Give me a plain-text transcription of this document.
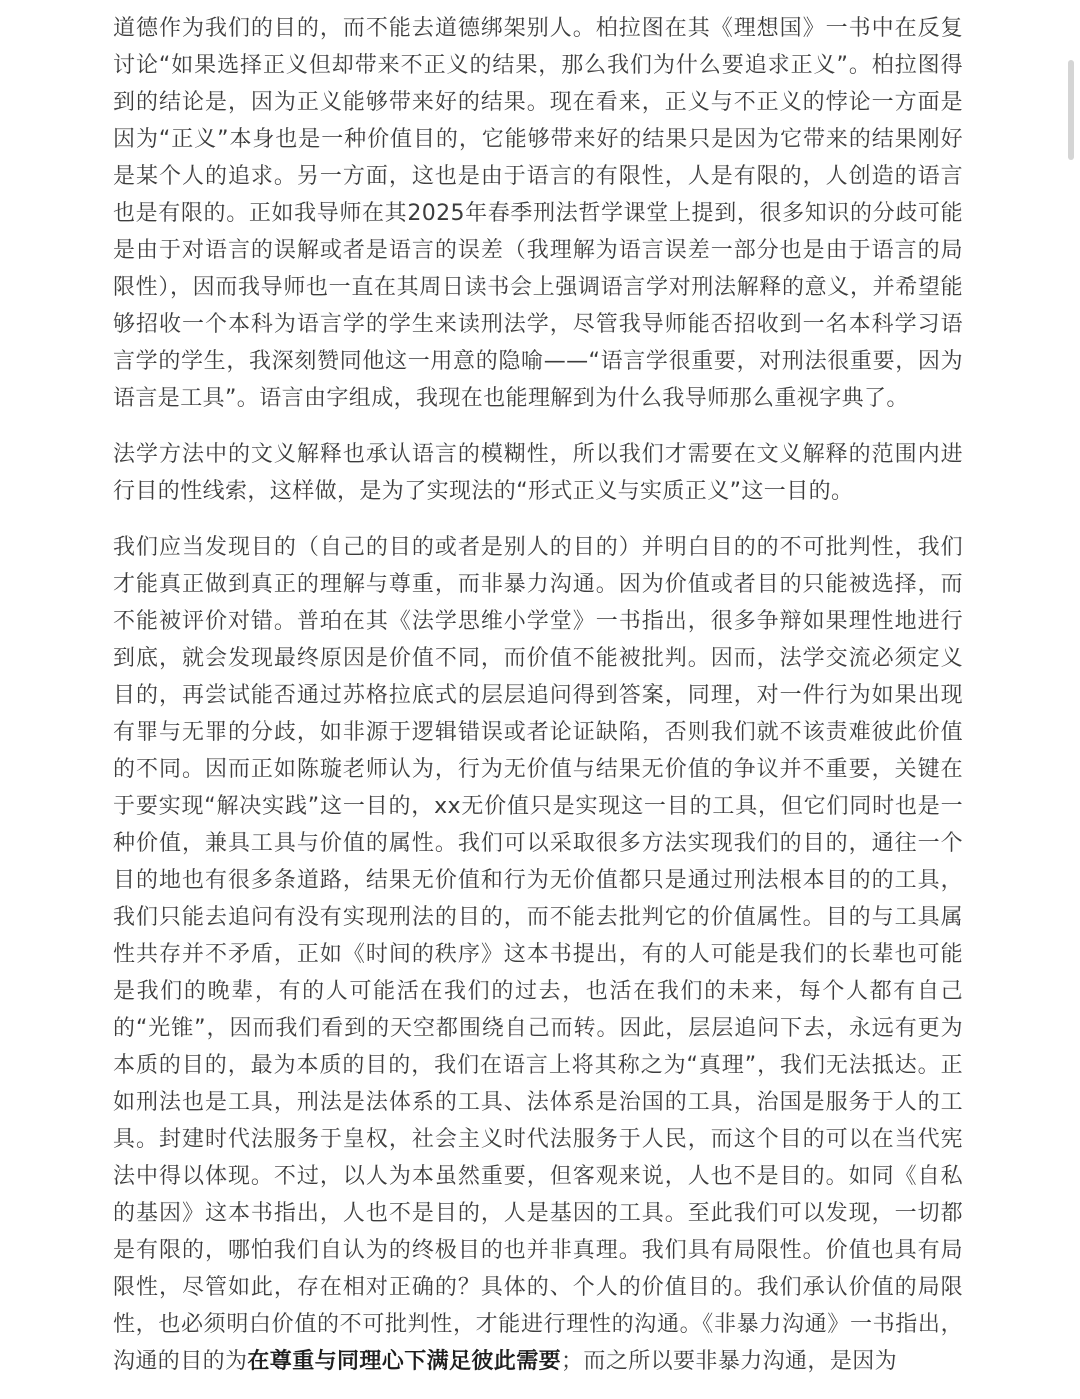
道德作为我们的目的，而不能去道德绑架别人。柏拉图在其《理想国》一书中在反复讨论“如果选择正义但却带来不正义的结果，那么我们为什么要追求正义”。柏拉图得到的结论是，因为正义能够带来好的结果。现在看来，正义与不正义的悖论一方面是因为“正义”本身也是一种价值目的，它能够带来好的结果只是因为它带来的结果刚好是某个人的追求。另一方面，这也是由于语言的有限性，人是有限的，人创造的语言也是有限的。正如我导师在其2025年春季刑法哲学课堂上提到，很多知识的分歧可能是由于对语言的误解或者是语言的误差（我理解为语言误差一部分也是由于语言的局限性），因而我导师也一直在其周日读书会上强调语言学对刑法解释的意义，并希望能够招收一个本科为语言学的学生来读刑法学，尽管我导师能否招收到一名本科学习语言学的学生，我深刻赞同他这一用意的隐喻——“语言学很重要，对刑法很重要，因为语言是工具”。语言由字组成，我现在也能理解到为什么我导师那么重视字典了。

法学方法中的文义解释也承认语言的模糊性，所以我们才需要在文义解释的范围内进行目的性线索，这样做，是为了实现法的“形式正义与实质正义”这一目的。

我们应当发现目的（自己的目的或者是别人的目的）并明白目的的不可批判性，我们才能真正做到真正的理解与尊重，而非暴力沟通。因为价值或者目的只能被选择，而不能被评价对错。普珀在其《法学思维小学堂》一书指出，很多争辩如果理性地进行到底，就会发现最终原因是价值不同，而价值不能被批判。因而，法学交流必须定义目的，再尝试能否通过苏格拉底式的层层追问得到答案，同理，对一件行为如果出现有罪与无罪的分歧，如非源于逻辑错误或者论证缺陷，否则我们就不该责难彼此价值的不同。因而正如陈璇老师认为，行为无价值与结果无价值的争议并不重要，关键在于要实现“解决实践”这一目的，xx无价值只是实现这一目的工具，但它们同时也是一种价值，兼具工具与价值的属性。我们可以采取很多方法实现我们的目的，通往一个目的地也有很多条道路，结果无价值和行为无价值都只是通过刑法根本目的的工具，我们只能去追问有没有实现刑法的目的，而不能去批判它的价值属性。目的与工具属性共存并不矛盾，正如《时间的秩序》这本书提出，有的人可能是我们的长辈也可能是我们的晚辈，有的人可能活在我们的过去，也活在我们的未来，每个人都有自己的“光锥”，因而我们看到的天空都围绕自己而转。因此，层层追问下去，永远有更为本质的目的，最为本质的目的，我们在语言上将其称之为“真理”，我们无法抵达。正如刑法也是工具，刑法是法体系的工具、法体系是治国的工具，治国是服务于人的工具。封建时代法服务于皇权，社会主义时代法服务于人民，而这个目的可以在当代宪法中得以体现。不过，以人为本虽然重要，但客观来说，人也不是目的。如同《自私的基因》这本书指出，人也不是目的，人是基因的工具。至此我们可以发现，一切都是有限的，哪怕我们自认为的终极目的也并非真理。我们具有局限性。价值也具有局限性，尽管如此，存在相对正确的？具体的、个人的价值目的。我们承认价值的局限性，也必须明白价值的不可批判性，才能进行理性的沟通。《非暴力沟通》一书指出，沟通的目的为在尊重与同理心下满足彼此需要；而之所以要非暴力沟通，是因为
